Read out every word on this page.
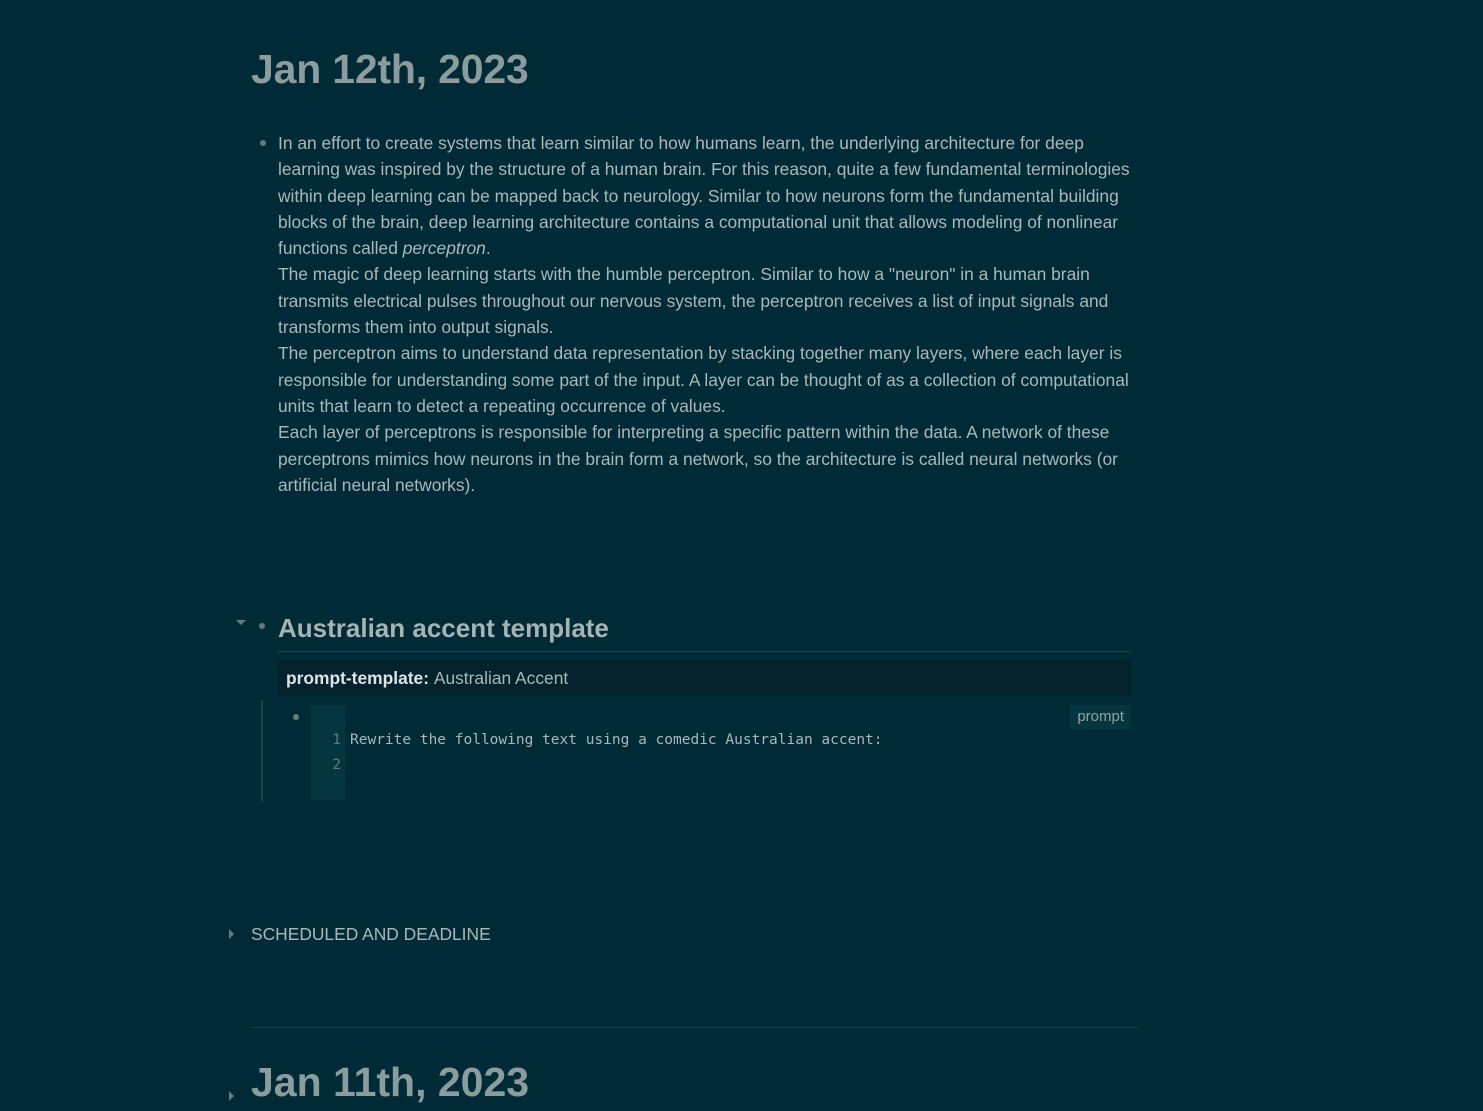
Jan 12th, 2023

In an effort to create systems that learn similar to how humans learn, the underlying architecture for deep learning was inspired by the structure of a human brain. For this reason, quite a few fundamental terminologies within deep learning can be mapped back to neurology. Similar to how neurons form the fundamental building blocks of the brain, deep learning architecture contains a computational unit that allows modeling of nonlinear functions called perceptron.

The magic of deep learning starts with the humble perceptron. Similar to how a "neuron" in a human brain transmits electrical pulses throughout our nervous system, the perceptron receives a list of input signals and transforms them into output signals.

The perceptron aims to understand data representation by stacking together many layers, where each layer is responsible for understanding some part of the input. A layer can be thought of as a collection of computational units that learn to detect a repeating occurrence of values.

Each layer of perceptrons is responsible for interpreting a specific pattern within the data. A network of these perceptrons mimics how neurons in the brain form a network, so the architecture is called neural networks (or artificial neural networks).

Australian accent template
prompt-template: Australian Accent
1
2
Rewrite the following text using a comedic Australian accent:
prompt
SCHEDULED AND DEADLINE
Jan 11th, 2023
